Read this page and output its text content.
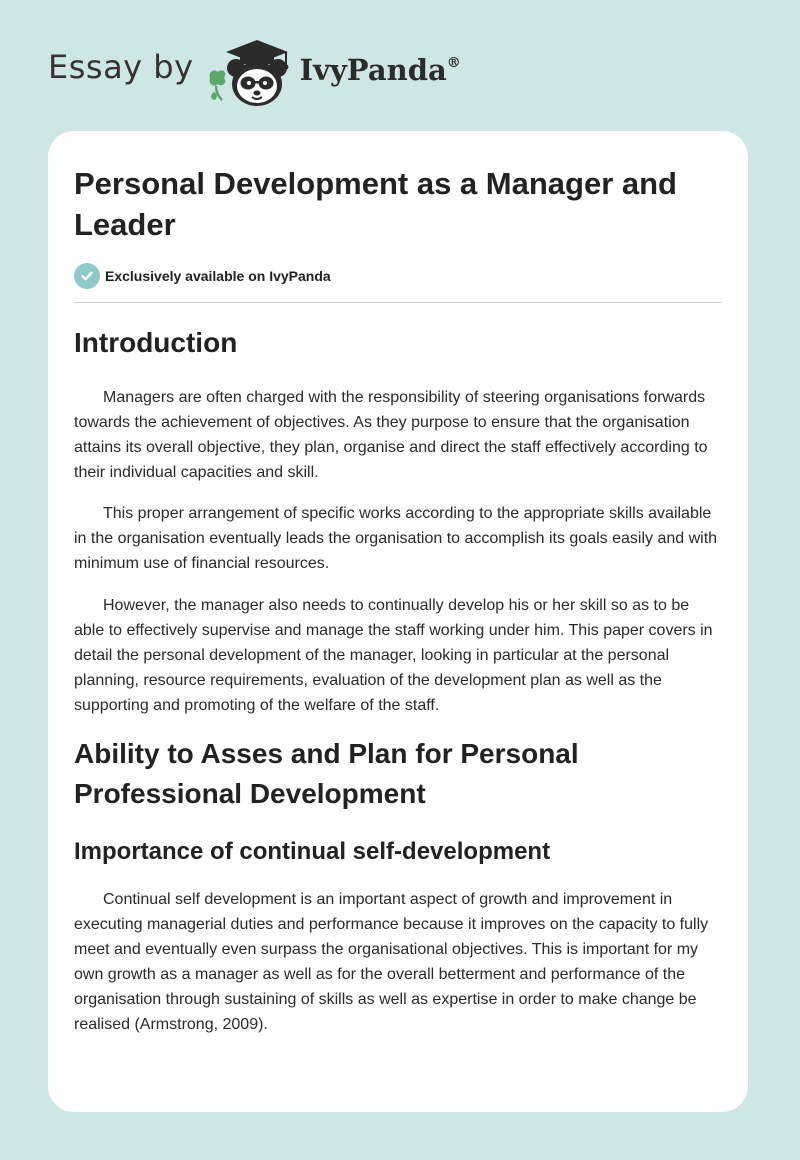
Essay by	IvyPanda®
Personal Development as a Manager and Leader
Exclusively available on IvyPanda
Introduction

Managers are often charged with the responsibility of steering organisations forwards towards the achievement of objectives. As they purpose to ensure that the organisation attains its overall objective, they plan, organise and direct the staff effectively according to their individual capacities and skill.

This proper arrangement of specific works according to the appropriate skills available in the organisation eventually leads the organisation to accomplish its goals easily and with minimum use of financial resources.

However, the manager also needs to continually develop his or her skill so as to be able to effectively supervise and manage the staff working under him. This paper covers in detail the personal development of the manager, looking in particular at the personal planning, resource requirements, evaluation of the development plan as well as the supporting and promoting of the welfare of the staff.

Ability to Asses and Plan for Personal Professional Development
Importance of continual self-development

Continual self development is an important aspect of growth and improvement in executing managerial duties and performance because it improves on the capacity to fully meet and eventually even surpass the organisational objectives. This is important for my own growth as a manager as well as for the overall betterment and performance of the organisation through sustaining of skills as well as expertise in order to make change be realised (Armstrong, 2009).
